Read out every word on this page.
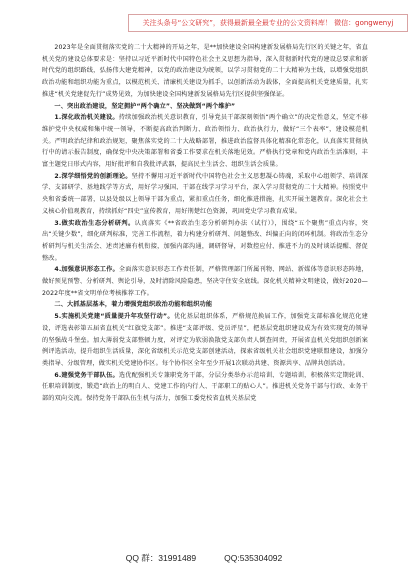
关注头条号“公文研究”，获得最新最全最专业的公文资料库！ 微信：gongwenyj

2023年是全面贯彻落实党的二十大精神的开局之年，是**加快建设全国构建新发展格局先行区的关键之年，省直机关党的建设总体要求是：坚持以习近平新时代中国特色社会主义思想为指导，深入贯彻新时代党的建设总要求和新时代党的组织路线，弘扬伟大建党精神，以党的政治建设为统领，以学习贯彻党的二十大精神为主线，以增强党组织政治功能和组织功能为重点，以模范机关、清廉机关建设为抓手，以创新活动为载体，全面提高机关党建质量，扎实推进“机关党建促先行”成势见效，为加快建设全国构建新发展格局先行区提供坚强保证。

一、突出政治建设，坚定拥护“两个确立”、坚决做到“两个维护”

1.深化政治机关建设。持续加强政治机关意识教育，引导党员干部深刻领悟“两个确立”的决定性意义，坚定不移维护党中央权威和集中统一领导，不断提高政治判断力、政治领悟力、政治执行力，做好“三个表率”，建设模范机关。严明政治纪律和政治规矩，聚焦落实党的二十大战略部署，推进政治监督具体化精准化常态化，认真落实贯彻执行中的请示报告制度，确保党中央决策部署和省委工作要求在机关落地见效。严格执行党章和党内政治生活准则，丰富主题党日形式内容，用好批评和自我批评武器，提高民主生活会、组织生活会质量。

2.深学细悟党的创新理论。坚持不懈用习近平新时代中国特色社会主义思想凝心铸魂，采取中心组领学、培训深学、支部研学、基地践学等方式，用好学习强国、干部在线学习学习平台，深入学习贯彻党的二十大精神。按照党中央和省委统一部署，以县处级以上领导干部为重点，紧扣重点任务，细化推进措施，扎实开展主题教育。深化社会主义核心价值观教育，持续抓好“四史”宣传教育，用好荆楚红色资源，巩固党史学习教育成果。

3.做实政治生态分析研判。认真落实《**省政治生态分析研判办法（试行）》，围绕“五个聚焦”重点内容，突出“关键少数”，细化研判标准，完善工作流程，着力构建分析研判、问题整改、纠偏正向的闭环机制。将政治生态分析研判与机关生活会、述责述廉有机衔接，加强内部沟通，调研督导，对数控应付、推进不力的及时谈话提醒、督促整改。

4.加强意识形态工作。全面落实意识形态工作责任制，严格管理部门所属刊物、网站、新媒体等意识形态阵地，做好预见预警、分析研判、舆论引导，及时清除风险隐患，坚决守住安全底线。深化机关精神文明建设，做好2020—2022年度**省文明单位考核推荐工作。

二、大抓基层基本，着力增强党组织政治功能和组织功能

5.实施机关党建“质量提升年攻坚行动”。优化基层组织体系，严格规范换届工作，加强党支部标准化规范化建设，评选表彰第五届省直机关“红旗党支部”。推进“支部评级、党员评星”，把基层党组织建设成为有效实现党的领导的坚强战斗堡垒。加大薄弱党支部整顿力度，对评定为软弱涣散党支部负责人倒查问责，开展省直机关党组织创新案例评选活动，提升组织生活质量，深化省级机关示范党支部创建活动，探索省级机关社会组织党建联盟建设，加强分类指导、分级管理，做实机关党建协作区。每个协作区全年至少开展1次联动共建、资源共享、品牌共创活动。

6.建强党务干部队伍。选优配强机关专兼职党务干部，分层分类举办示范培训、专题培训，积极落实定期轮训、任职培训制度，锻造“政治上的明白人、党建工作的内行人、干部职工的贴心人”。推进机关党务干部与行政、业务干部的双向交流。保持党务干部队伍生机与活力，加强工委党校省直机关基层党

QQ 群：31991489	QQ:535304092
